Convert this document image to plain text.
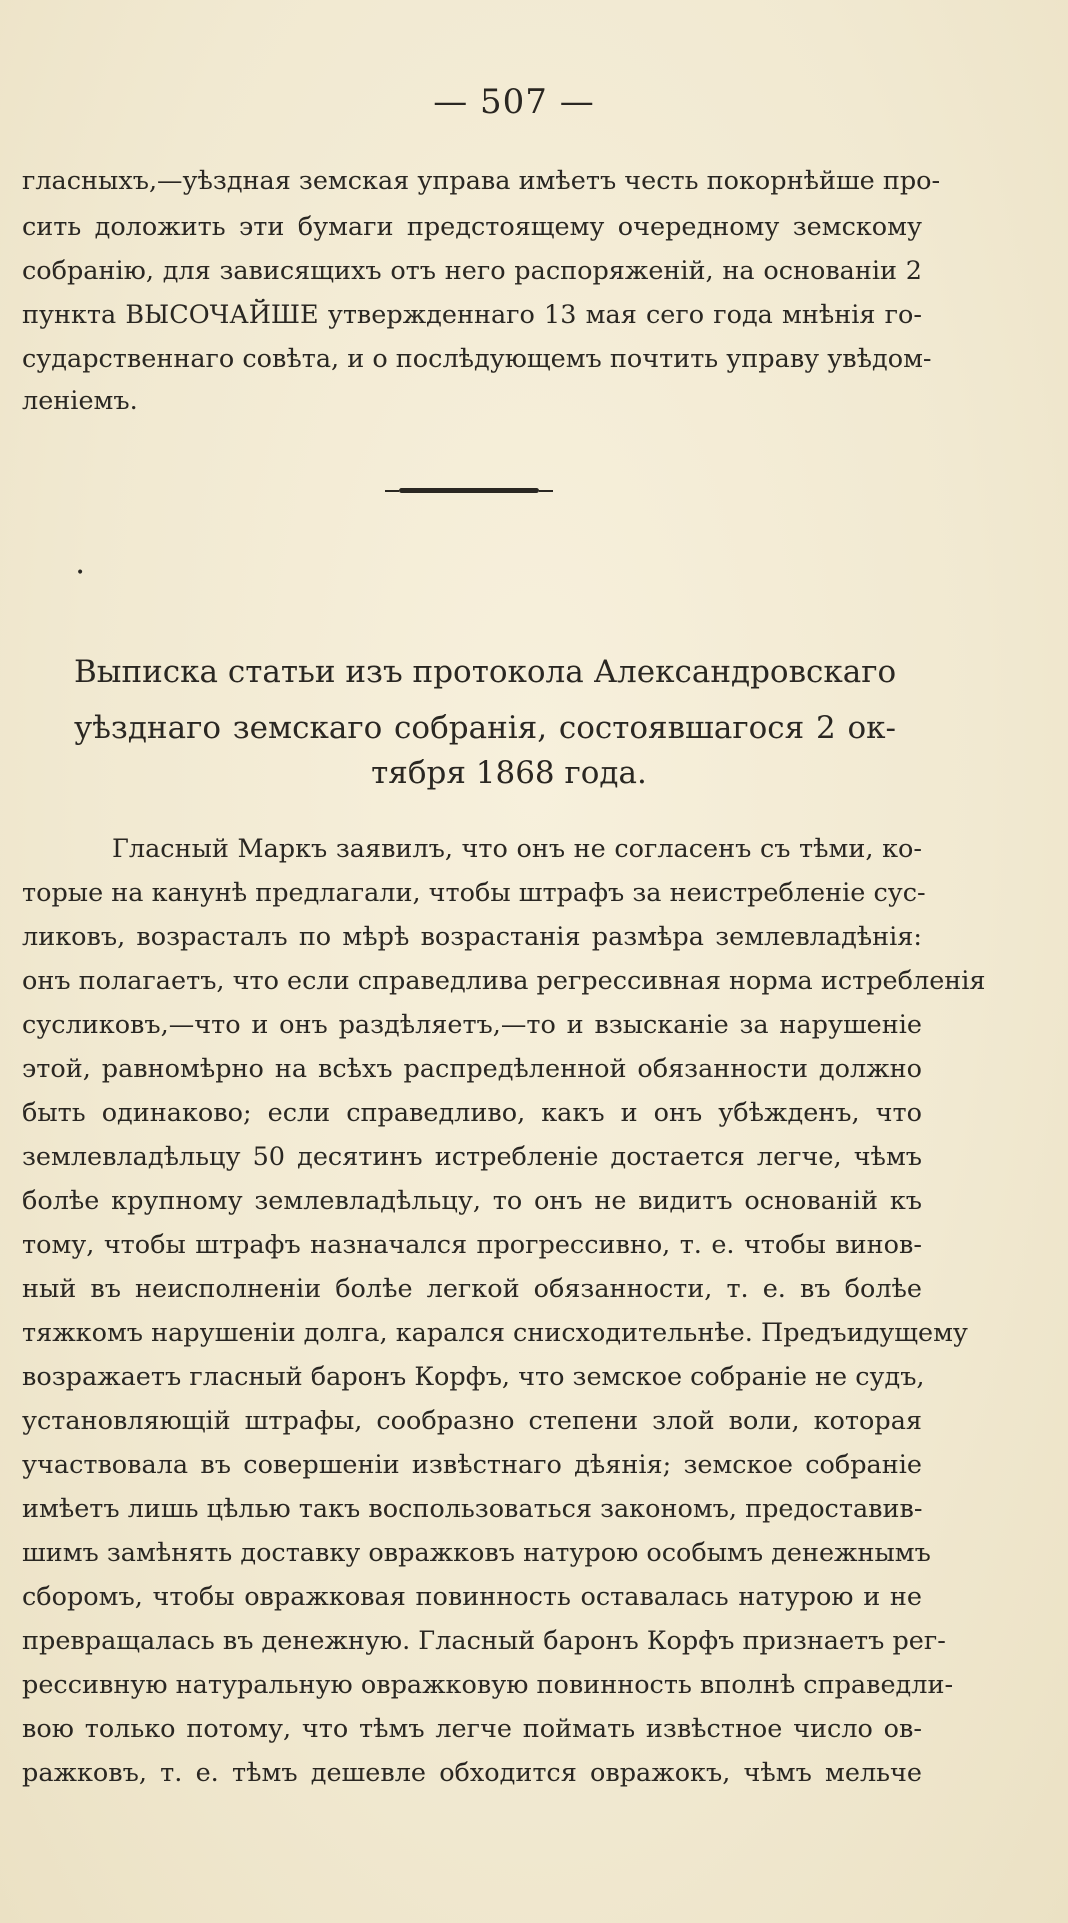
— 507 —
гласныхъ,—уѣздная земская управа имѣетъ честь покорнѣйше про-
сить доложить эти бумаги предстоящему очередному земскому
собранію, для зависящихъ отъ него распоряженій, на основаніи 2
пункта ВЫСОЧАЙШЕ утвержденнаго 13 мая сего года мнѣнія го-
сударственнаго совѣта, и о послѣдующемъ почтить управу увѣдом-
леніемъ.
•
Выписка статьи изъ протокола Александровскаго
уѣзднаго земскаго собранія, состоявшагося 2 ок-
тября 1868 года.
Гласный Маркъ заявилъ, что онъ не согласенъ съ тѣми, ко-
торые на канунѣ предлагали, чтобы штрафъ за неистребленіе сус-
ликовъ, возрасталъ по мѣрѣ возрастанія размѣра землевладѣнія:
онъ полагаетъ, что если справедлива регрессивная норма истребленія
сусликовъ,—что и онъ раздѣляетъ,—то и взысканіе за нарушеніе
этой, равномѣрно на всѣхъ распредѣленной обязанности должно
быть одинаково; если справедливо, какъ и онъ убѣжденъ, что
землевладѣльцу 50 десятинъ истребленіе достается легче, чѣмъ
болѣе крупному землевладѣльцу, то онъ не видитъ основаній къ
тому, чтобы штрафъ назначался прогрессивно, т. е. чтобы винов-
ный въ неисполненіи болѣе легкой обязанности, т. е. въ болѣе
тяжкомъ нарушеніи долга, карался снисходительнѣе. Предъидущему
возражаетъ гласный баронъ Корфъ, что земское собраніе не судъ,
установляющій штрафы, сообразно степени злой воли, которая
участвовала въ совершеніи извѣстнаго дѣянія; земское собраніе
имѣетъ лишь цѣлью такъ воспользоваться закономъ, предоставив-
шимъ замѣнять доставку овражковъ натурою особымъ денежнымъ
сборомъ, чтобы овражковая повинность оставалась натурою и не
превращалась въ денежную. Гласный баронъ Корфъ признаетъ рег-
рессивную натуральную овражковую повинность вполнѣ справедли-
вою только потому, что тѣмъ легче поймать извѣстное число ов-
ражковъ, т. е. тѣмъ дешевле обходится овражокъ, чѣмъ мельче
